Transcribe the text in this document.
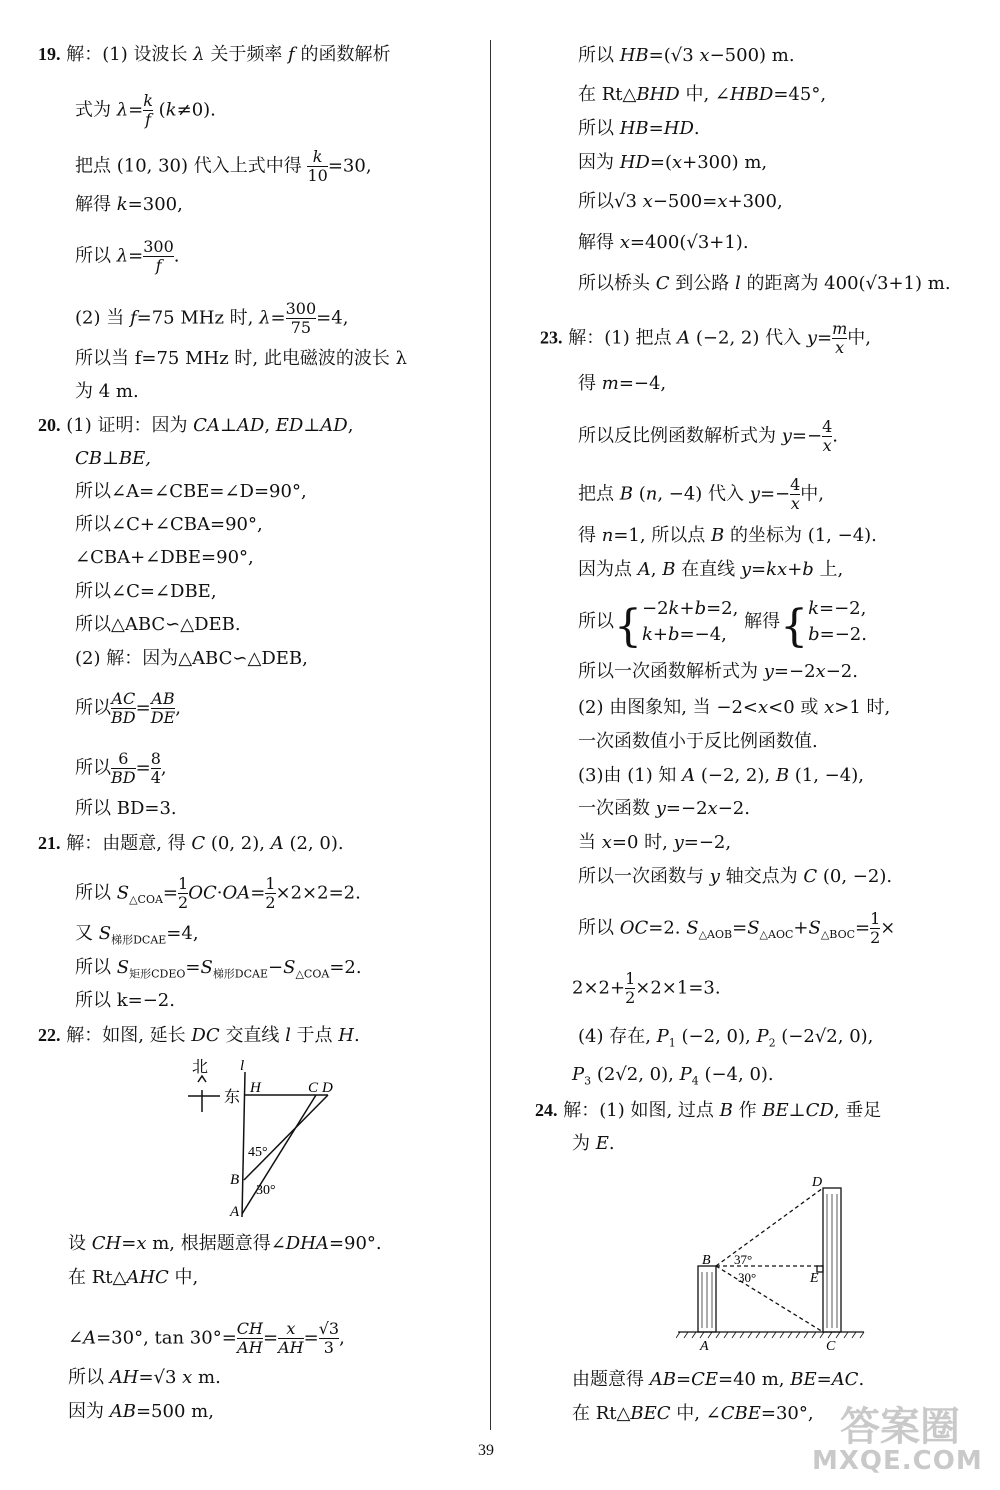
19. 解：(1) 设波长 λ 关于频率 f 的函数解析
式为 $\lambda= \frac{k}{f} (k\ne 0)$.
把点 (10, 30) 代入上式中得 k
10=30,
解得 k=300,
所以 $\lambda= \frac{300}{f}$.
(2) 当 f=75 MHz 时, λ= 300
75 =4,
所以当 f=75 MHz 时, 此电磁波的波长 λ
为 4 m.
20. (1) 证明：因为 CA⊥AD, ED⊥AD,
CB⊥BE,
所以∠A=∠CBE=∠D=90°,
所以∠C+∠CBA=90°,
∠CBA+∠DBE=90°,
所以∠C=∠DBE,
所以△ABC∽△DEB.
(2) 解：因为△ABC∽△DEB,
所以 $\frac{AC}{BD}= \frac{AB}{DE}$,
所以 $\frac{6}{BD}= 8$
4,
所以 BD=3.
21. 解：由题意, 得 C (0, 2), A (2, 0).
所以 $S_{\triangle COA}= 1$
2OC·OA= 1
2×2×2=2.
又 $S_{梯形DCAE}=4$,
所以 $S_{矩形CDEO}=S_{梯形DCAE}-S_{\triangle COA}=2$.
所以 k=−2.
22. 解：如图, 延长 DC 交直线 l 于点 H.
北
东
l
H	C D
45°
B
30°
A
设 CH=x m, 根据题意得∠DHA=90°.
在 Rt△AHC 中,
∠A=30°, $\tan 30^\circ= \frac{CH}{AH}= \frac{x}{AH}= √3$
3 ,
所以 AH=√3 x m.
因为 AB=500 m,
所以 HB=(√3 x−500) m.
在 Rt△BHD 中, ∠HBD=45°,
所以 HB=HD.
因为 HD=(x+300) m,
所以√3 x−500=x+300,
解得 x=400(√3+1).
所以桥头 C 到公路 l 的距离为 400(√3+1) m.
23. 解：(1) 把点 A (−2, 2) 代入 $y= \frac{m}{x}$中,
得 m=−4,
所以反比例函数解析式为 $y=- \frac{4}{x}$.
把点 B (n, −4) 代入 $y=- \frac{4}{x}$中,
得 n=1, 所以点 B 的坐标为 (1, −4).
因为点 A, B 在直线 y=kx+b 上,
所以{−2k+b=2,
k+b=−4, 解得{k=−2,
b=−2.
所以一次函数解析式为 y=−2x−2.
(2) 由图象知, 当 −2<x<0 或 x>1 时,
一次函数值小于反比例函数值.
(3)由 (1) 知 A (−2, 2), B (1, −4),
一次函数 y=−2x−2.
当 x=0 时, y=−2,
所以一次函数与 y 轴交点为 C (0, −2).
所以 OC=2. $S_{\triangle AOB}=S_{\triangle AOC}+S_{\triangle BOC}= 1$
2×
2×2+ 1
2×2×1=3.
(4) 存在, $P_1$ (−2, 0), $P_2$ (−2√2, 0),
$P_3$ (2√2, 0), $P_4$ (−4, 0).
24. 解：(1) 如图, 过点 B 作 BE⊥CD, 垂足
为 E.
D
B 37°
30°	E
A	C
由题意得 AB=CE=40 m, BE=AC.
在 Rt△BEC 中, ∠CBE=30°,
39
答案圈
MXQE.COM
